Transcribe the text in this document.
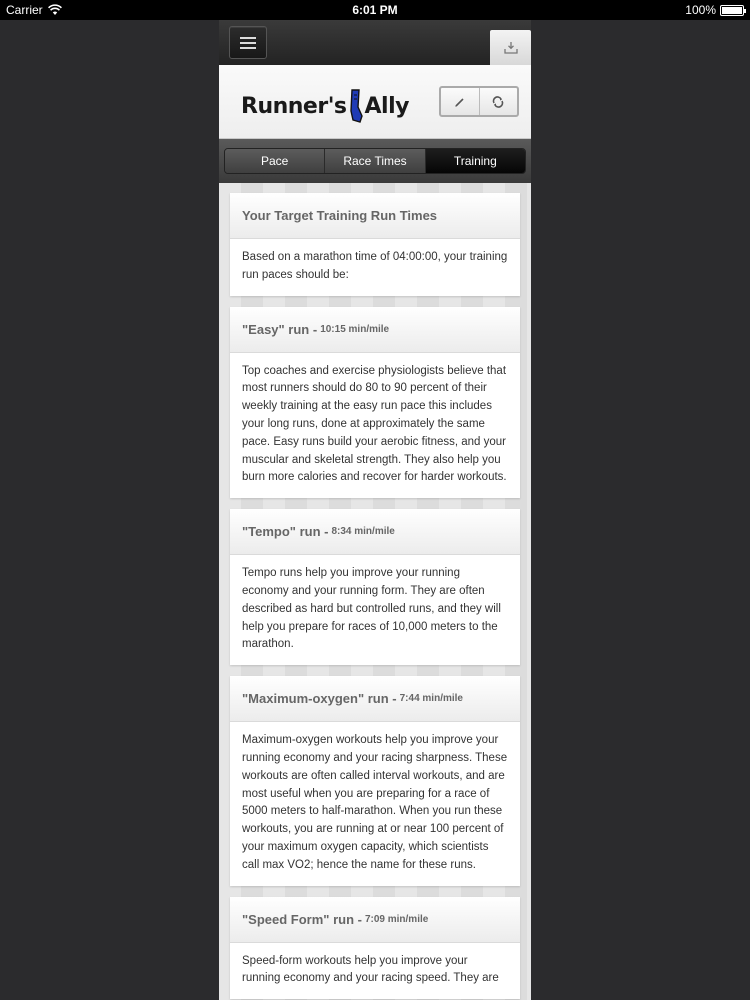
Carrier	6:01 PM	100%
Runner's Ally
Pace	Race Times	Training
Your Target Training Run Times
Based on a marathon time of 04:00:00, your training run paces should be:
"Easy" run - 10:15 min/mile
Top coaches and exercise physiologists believe that most runners should do 80 to 90 percent of their weekly training at the easy run pace this includes your long runs, done at approximately the same pace. Easy runs build your aerobic fitness, and your muscular and skeletal strength. They also help you burn more calories and recover for harder workouts.
"Tempo" run - 8:34 min/mile
Tempo runs help you improve your running economy and your running form. They are often described as hard but controlled runs, and they will help you prepare for races of 10,000 meters to the marathon.
"Maximum-oxygen" run - 7:44 min/mile
Maximum-oxygen workouts help you improve your running economy and your racing sharpness. These workouts are often called interval workouts, and are most useful when you are preparing for a race of 5000 meters to half-marathon. When you run these workouts, you are running at or near 100 percent of your maximum oxygen capacity, which scientists call max VO2; hence the name for these runs.
"Speed Form" run - 7:09 min/mile
Speed-form workouts help you improve your running economy and your racing speed. They are
